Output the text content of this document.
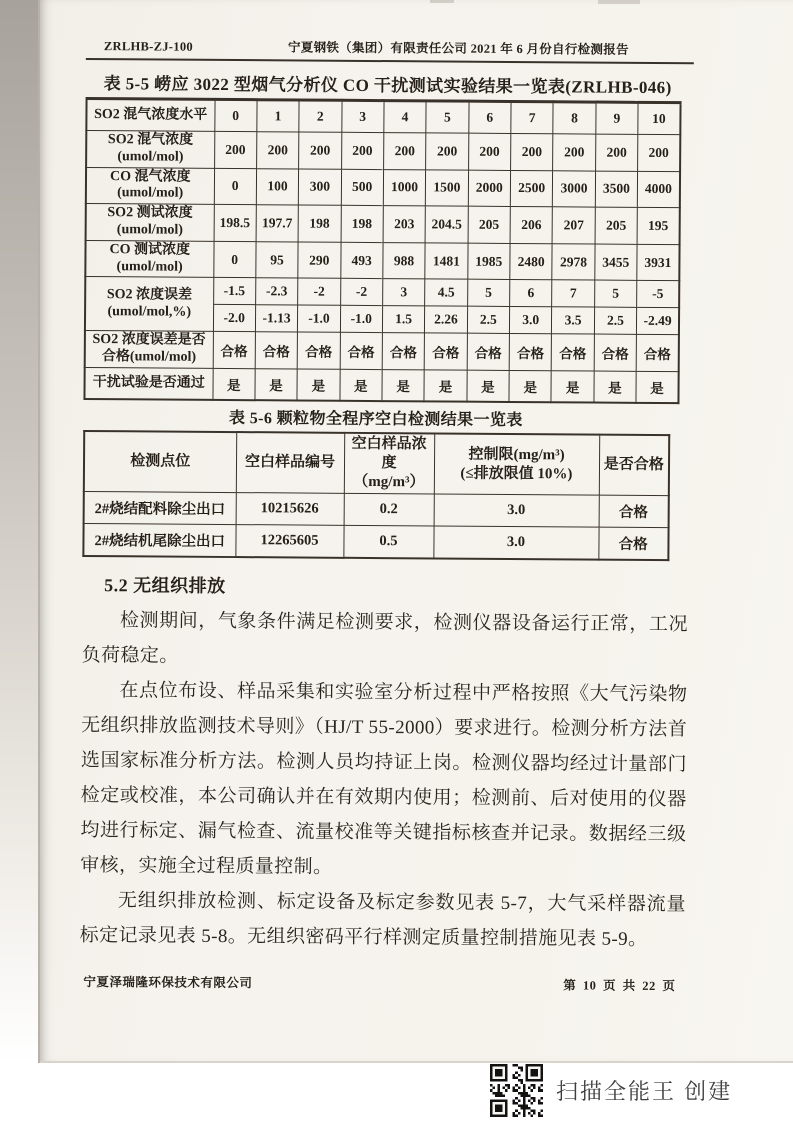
ZRLHB-ZJ-100	宁夏钢铁（集团）有限责任公司 2021 年 6 月份自行检测报告
表 5-5 崂应 3022 型烟气分析仪 CO 干扰测试实验结果一览表(ZRLHB-046)
SO2 混气浓度水平	0	1	2	3	4	5	6	7	8	9	10
SO2 混气浓度
(umol/mol)	200	200	200	200	200	200	200	200	200	200	200
CO 混气浓度
(umol/mol)	0	100	300	500	1000	1500	2000	2500	3000	3500	4000
SO2 测试浓度
(umol/mol)	198.5	197.7	198	198	203	204.5	205	206	207	205	195
CO 测试浓度
(umol/mol)	0	95	290	493	988	1481	1985	2480	2978	3455	3931
SO2 浓度误差
(umol/mol,%)	-1.5	-2.3	-2	-2	3	4.5	5	6	7	5	-5
	-2.0	-1.13	-1.0	-1.0	1.5	2.26	2.5	3.0	3.5	2.5	-2.49
SO2 浓度误差是否
合格(umol/mol)	合格	合格	合格	合格	合格	合格	合格	合格	合格	合格	合格
干扰试验是否通过	是	是	是	是	是	是	是	是	是	是	是
表 5-6 颗粒物全程序空白检测结果一览表
检测点位	空白样品编号	空白样品浓度
（mg/m³）	控制限(mg/m³)
(≤排放限值 10%)	是否合格
2#烧结配料除尘出口	10215626	0.2	3.0	合格
2#烧结机尾除尘出口	12265605	0.5	3.0	合格
5.2 无组织排放

检测期间，气象条件满足检测要求，检测仪器设备运行正常，工况负荷稳定。

在点位布设、样品采集和实验室分析过程中严格按照《大气污染物无组织排放监测技术导则》（HJ/T 55-2000）要求进行。检测分析方法首选国家标准分析方法。检测人员均持证上岗。检测仪器均经过计量部门检定或校准，本公司确认并在有效期内使用；检测前、后对使用的仪器均进行标定、漏气检查、流量校准等关键指标核查并记录。数据经三级审核，实施全过程质量控制。

无组织排放检测、标定设备及标定参数见表 5-7，大气采样器流量标定记录见表 5-8。无组织密码平行样测定质量控制措施见表 5-9。

宁夏泽瑞隆环保技术有限公司	第 10 页 共 22 页
扫描全能王 创建
